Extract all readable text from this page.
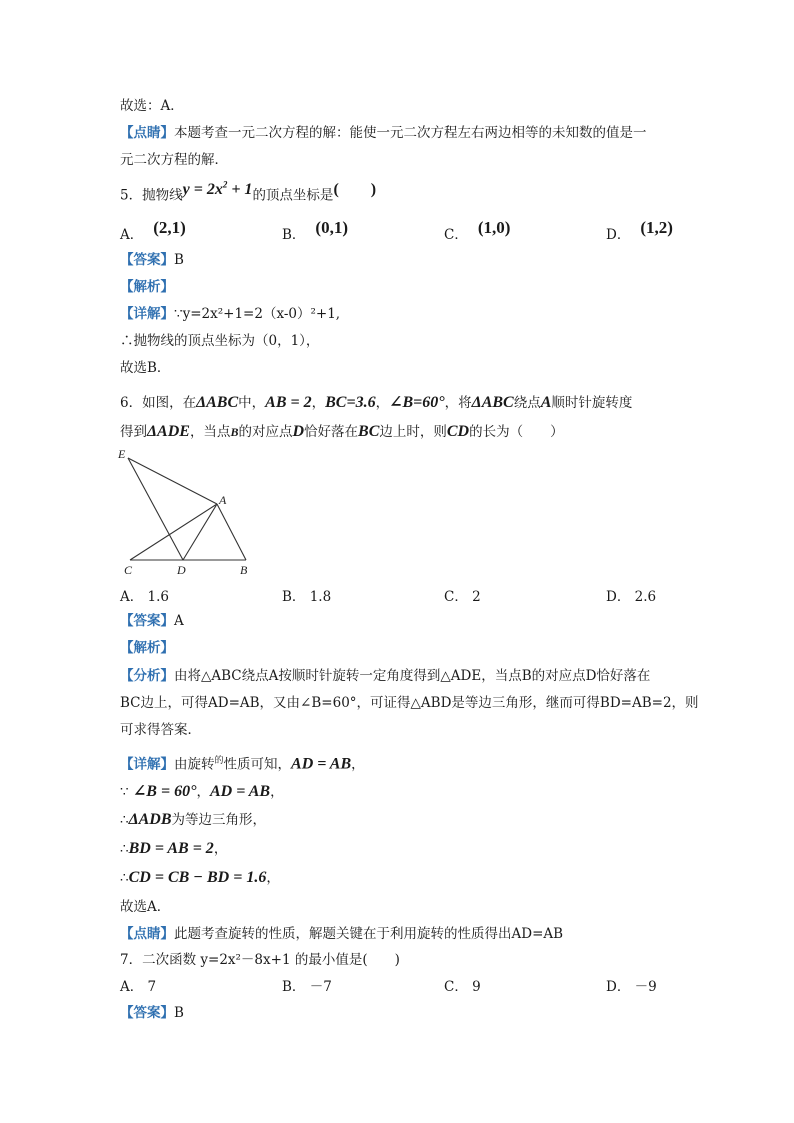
故选：A．
【点睛】本题考查一元二次方程的解：能使一元二次方程左右两边相等的未知数的值是一
元二次方程的解．
5．抛物线$y = 2x^2 + 1$的顶点坐标是(　　)
A． (2,1)	B． (0,1)	C． (1,0)	D． (1,2)
【答案】B
【解析】
【详解】∵y=2x²+1=2（x-0）²+1,
∴抛物线的顶点坐标为（0，1），
故选B．
6．如图，在ΔABC中，AB = 2，BC=3.6，∠B=60°，将ΔABC绕点A顺时针旋转度
得到ΔADE，当点B的对应点D恰好落在BC边上时，则CD的长为（　　）
E
A
C	D	B
A． 1.6	B． 1.8	C． 2	D． 2.6
【答案】A
【解析】
【分析】由将△ABC绕点A按顺时针旋转一定角度得到△ADE，当点B的对应点D恰好落在
BC边上，可得AD=AB，又由∠B=60°，可证得△ABD是等边三角形，继而可得BD=AB=2，则
可求得答案．
【详解】由旋转$^的$性质可知，AD = AB，
∵ ∠B = 60°，AD = AB，
∴ΔADB为等边三角形，
∴BD = AB = 2，
∴CD = CB − BD = 1.6，
故选A．
【点睛】此题考查旋转的性质，解题关键在于利用旋转的性质得出AD=AB
7．二次函数 y=2x²－8x+1 的最小值是(　　)
A． 7	B． －7	C． 9	D． －9
【答案】B
